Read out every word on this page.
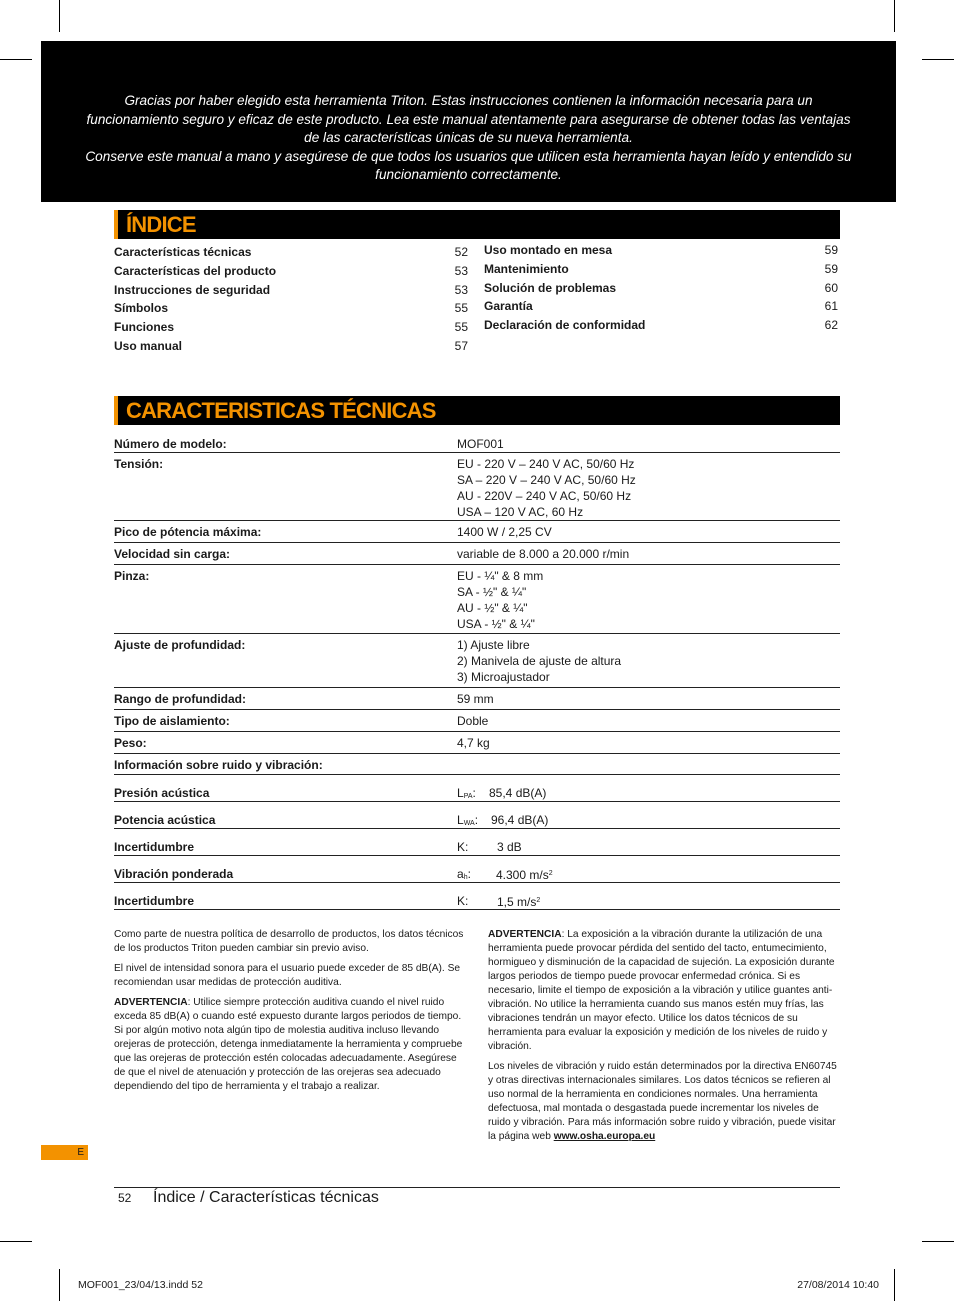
Gracias por haber elegido esta herramienta Triton. Estas instrucciones contienen la información necesaria para un funcionamiento seguro y eficaz de este producto. Lea este manual atentamente para asegurarse de obtener todas las ventajas de las características únicas de su nueva herramienta.

Conserve este manual a mano y asegúrese de que todos los usuarios que utilicen esta herramienta hayan leído y entendido su funcionamiento correctamente.

ÍNDICE
Características técnicas	52
Características del producto	53
Instrucciones de seguridad	53
Símbolos	55
Funciones	55
Uso manual	57
Uso montado en mesa	59
Mantenimiento	59
Solución de problemas	60
Garantía	61
Declaración de conformidad	62
CARACTERISTICAS TÉCNICAS
Número de modelo:	MOF001
Tensión:	EU - 220 V – 240 V AC, 50/60 Hz
SA – 220 V – 240 V AC, 50/60 Hz
AU - 220V – 240 V AC, 50/60 Hz
USA – 120 V AC, 60 Hz
Pico de pótencia máxima:	1400 W / 2,25 CV
Velocidad sin carga:	variable de 8.000 a 20.000 r/min
Pinza:	EU - ¼" & 8 mm
SA - ½" & ¼"
AU - ½" & ¼"
USA - ½" & ¼"
Ajuste de profundidad:	1) Ajuste libre
2) Manivela de ajuste de altura
3) Microajustador
Rango de profundidad:	59 mm
Tipo de aislamiento:	Doble
Peso:	4,7 kg
Información sobre ruido y vibración:
Presión acústica	$L_{PA}$: 85,4 dB(A)
Potencia acústica	$L_{WA}$: 96,4 dB(A)
Incertidumbre	K: 3 dB
Vibración ponderada	$a_h$: 4.300 $m/s^2$
Incertidumbre	K: 1,5 $m/s^2$

Como parte de nuestra política de desarrollo de productos, los datos técnicos de los productos Triton pueden cambiar sin previo aviso.

El nivel de intensidad sonora para el usuario puede exceder de 85 dB(A). Se recomiendan usar medidas de protección auditiva.

ADVERTENCIA: Utilice siempre protección auditiva cuando el nivel ruido exceda 85 dB(A) o cuando esté expuesto durante largos periodos de tiempo. Si por algún motivo nota algún tipo de molestia auditiva incluso llevando orejeras de protección, detenga inmediatamente la herramienta y compruebe que las orejeras de protección estén colocadas adecuadamente. Asegúrese de que el nivel de atenuación y protección de las orejeras sea adecuado dependiendo del tipo de herramienta y el trabajo a realizar.

ADVERTENCIA: La exposición a la vibración durante la utilización de una herramienta puede provocar pérdida del sentido del tacto, entumecimiento, hormigueo y disminución de la capacidad de sujeción. La exposición durante largos periodos de tiempo puede provocar enfermedad crónica. Si es necesario, limite el tiempo de exposición a la vibración y utilice guantes anti-vibración. No utilice la herramienta cuando sus manos estén muy frías, las vibraciones tendrán un mayor efecto. Utilice los datos técnicos de su herramienta para evaluar la exposición y medición de los niveles de ruido y vibración.

Los niveles de vibración y ruido están determinados por la directiva EN60745 y otras directivas internacionales similares. Los datos técnicos se refieren al uso normal de la herramienta en condiciones normales. Una herramienta defectuosa, mal montada o desgastada puede incrementar los niveles de ruido y vibración. Para más información sobre ruido y vibración, puede visitar la página web www.osha.europa.eu

E
52 Índice / Características técnicas
MOF001_23/04/13.indd 52	27/08/2014 10:40
